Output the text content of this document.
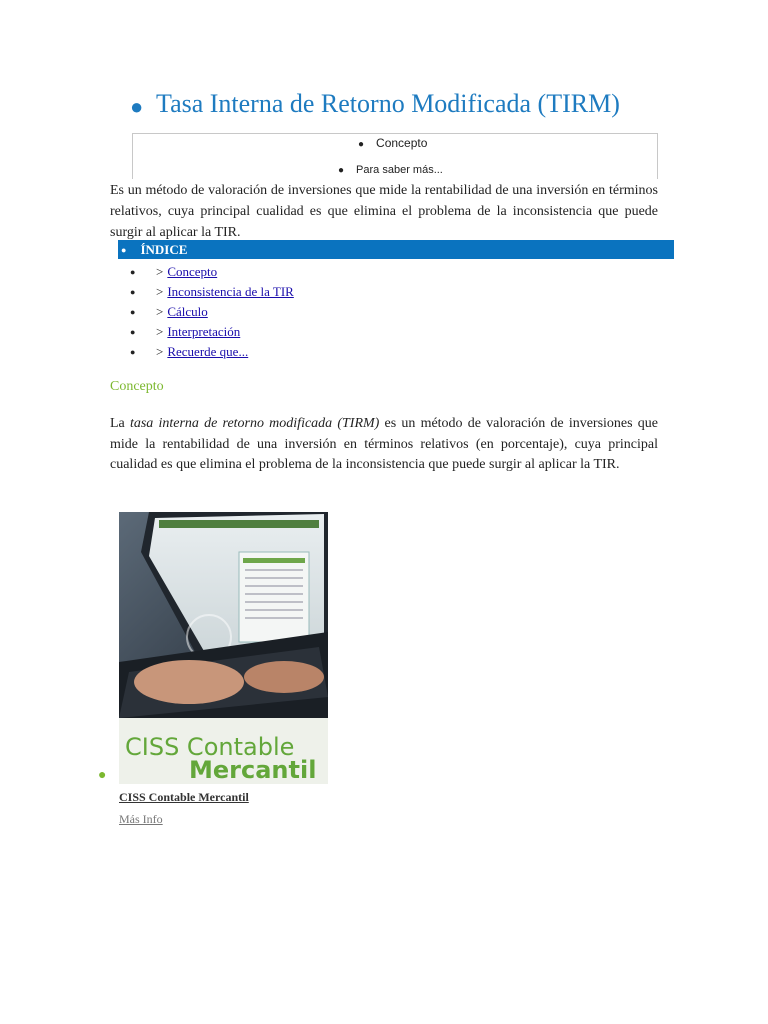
● Tasa Interna de Retorno Modificada (TIRM)
● Concepto
● Para saber más...

Es un método de valoración de inversiones que mide la rentabilidad de una inversión en términos relativos, cuya principal cualidad es que elimina el problema de la inconsistencia que puede surgir al aplicar la TIR.

● ÍNDICE
●	> Concepto
●	> Inconsistencia de la TIR
●	> Cálculo
●	> Interpretación
●	> Recuerde que...
Concepto

La tasa interna de retorno modificada (TIRM) es un método de valoración de inversiones que mide la rentabilidad de una inversión en términos relativos (en porcentaje), cuya principal cualidad es que elimina el problema de la inconsistencia que puede surgir al aplicar la TIR.

CISS Contable
Mercantil
●
CISS Contable Mercantil
Más Info
